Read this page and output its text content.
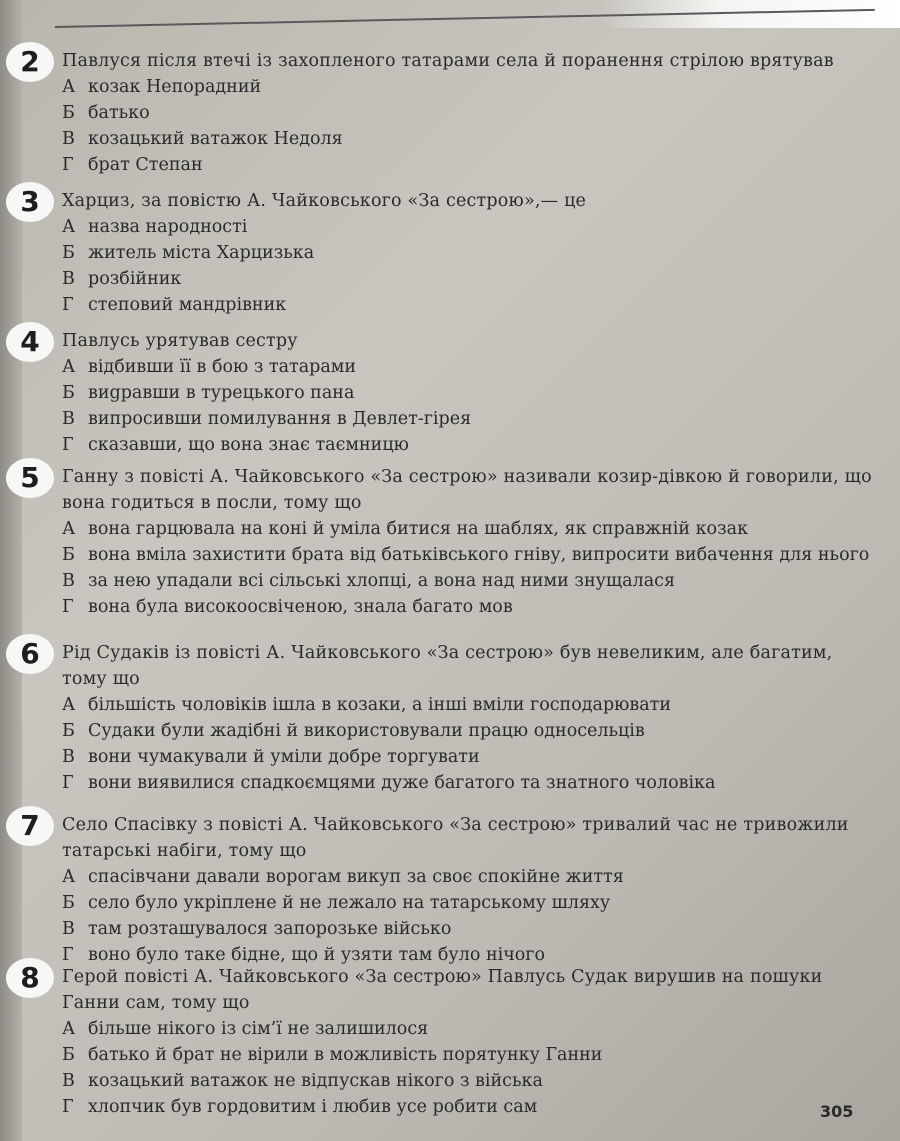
2	Павлуся після втечі із захопленого татарами села й поранення стрілою врятував

А козак Непорадний
Б батько
В козацький ватажок Недоля
Г брат Степан
3	Харциз, за повістю А. Чайковського «За сестрою»,— це

А назва народності
Б житель міста Харцизька
В розбійник
Г степовий мандрівник
4	Павлусь урятував сестру

А відбивши її в бою з татарами
Б виgравши в турецького пана
В випросивши помилування в Девлет-гірея
Г сказавши, що вона знає таємницю
5	Ганну з повісті А. Чайковського «За сестрою» називали козир-дівкою й говорили, що вона годиться в посли, тому що

А вона гарцювала на коні й уміла битися на шаблях, як справжній козак
Б вона вміла захистити брата від батьківського гніву, випросити вибачення для нього
В за нею упадали всі сільські хлопці, а вона над ними знущалася
Г вона була високоосвіченою, знала багато мов
6	Рід Судаків із повісті А. Чайковського «За сестрою» був невеликим, але багатим, тому що

А більшість чоловіків ішла в козаки, а інші вміли господарювати
Б Судаки були жадібні й використовували працю односельців
В вони чумакували й уміли добре торгувати
Г вони виявилися спадкоємцями дуже багатого та знатного чоловіка
7	Село Спасівку з повісті А. Чайковського «За сестрою» тривалий час не тривожили татарські набіги, тому що

А спасівчани давали ворогам викуп за своє спокійне життя
Б село було укріплене й не лежало на татарському шляху
В там розташувалося запорозьке військо
Г воно було таке бідне, що й узяти там було нічого
8	Герой повісті А. Чайковського «За сестрою» Павлусь Судак вирушив на пошуки Ганни сам, тому що

А більше нікого із сім’ї не залишилося
Б батько й брат не вірили в можливість порятунку Ганни
В козацький ватажок не відпускав нікого з війська
Г хлопчик був гордовитим і любив усе робити сам	305
